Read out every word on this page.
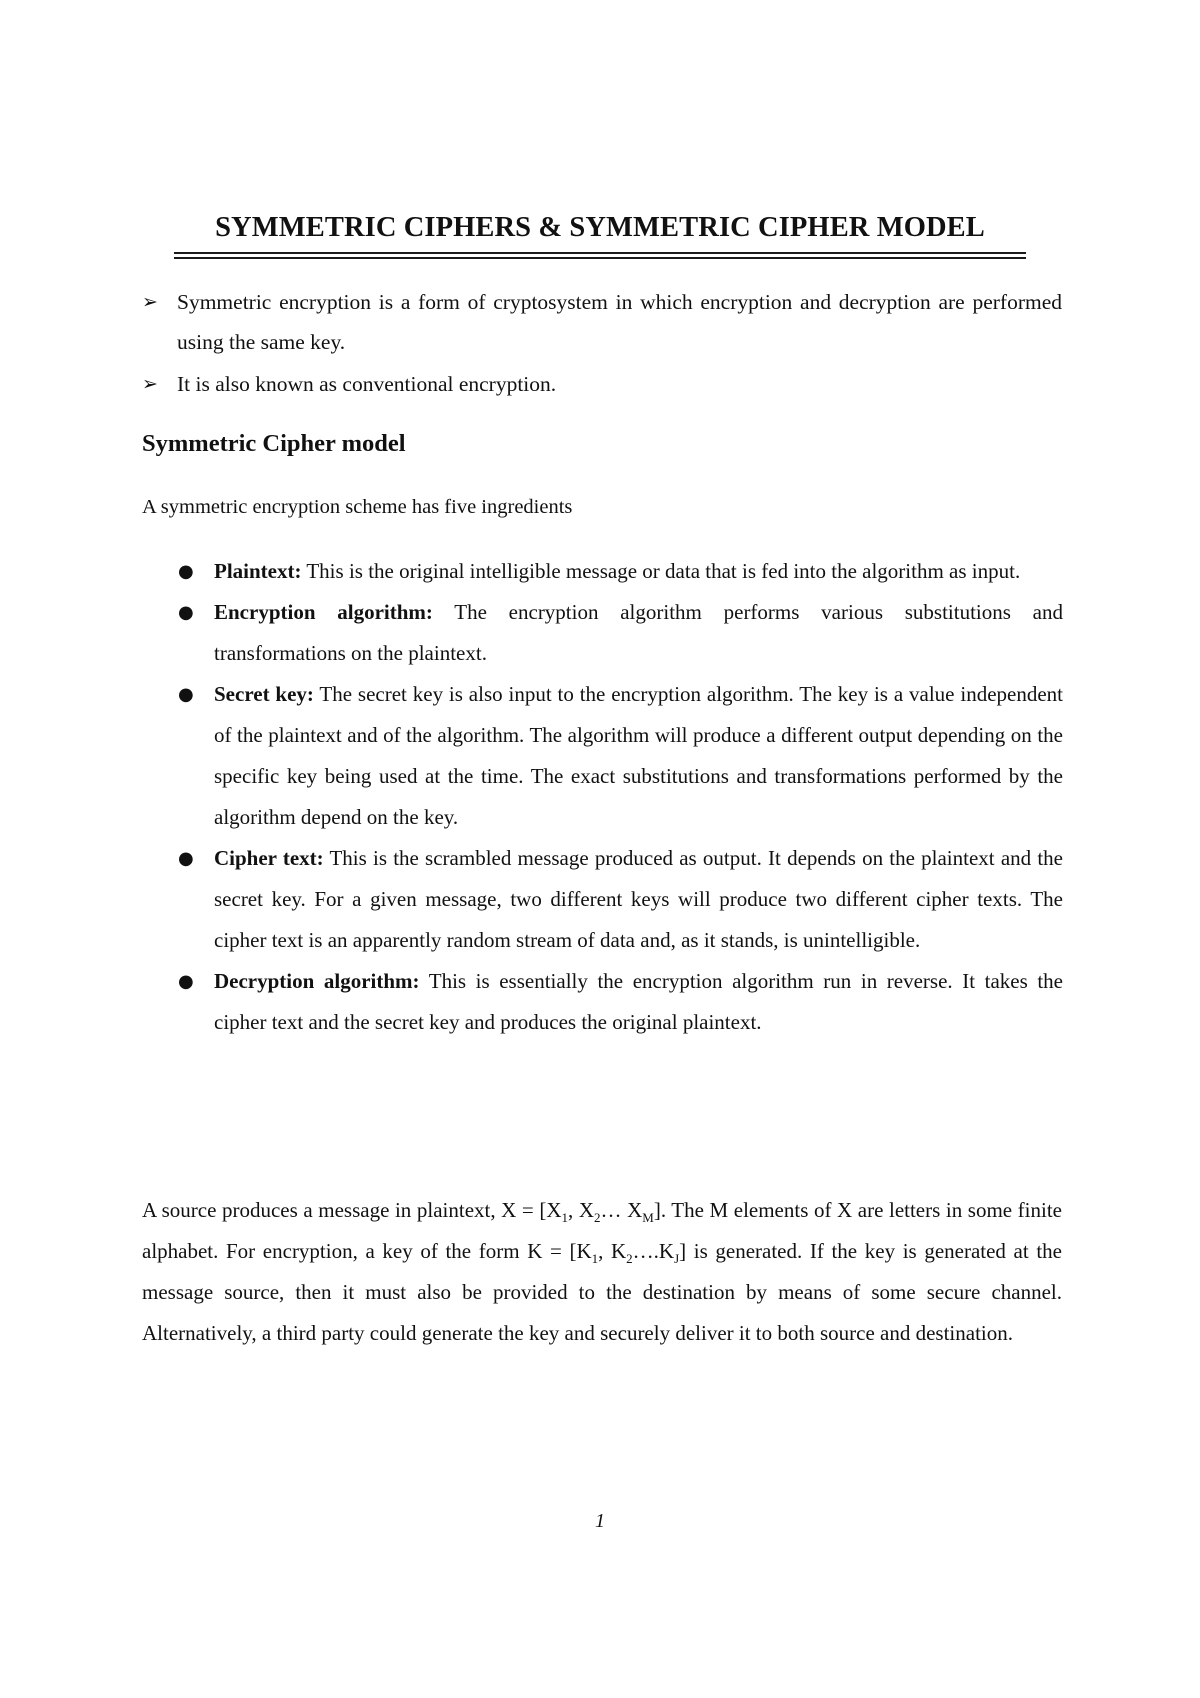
SYMMETRIC CIPHERS & SYMMETRIC CIPHER MODEL
➢ Symmetric encryption is a form of cryptosystem in which encryption and decryption are performed using the same key.
➢ It is also known as conventional encryption.
Symmetric Cipher model
A symmetric encryption scheme has five ingredients
● Plaintext: This is the original intelligible message or data that is fed into the algorithm as input.
● Encryption algorithm: The encryption algorithm performs various substitutions and transformations on the plaintext.
● Secret key: The secret key is also input to the encryption algorithm. The key is a value independent of the plaintext and of the algorithm. The algorithm will produce a different output depending on the specific key being used at the time. The exact substitutions and transformations performed by the algorithm depend on the key.
● Cipher text: This is the scrambled message produced as output. It depends on the plaintext and the secret key. For a given message, two different keys will produce two different cipher texts. The cipher text is an apparently random stream of data and, as it stands, is unintelligible.
● Decryption algorithm: This is essentially the encryption algorithm run in reverse. It takes the cipher text and the secret key and produces the original plaintext.

A source produces a message in plaintext, $X = [X_1$, $X_2\dots$ $X_M$]. The M elements of X are letters in some finite alphabet. For encryption, a key of the form $K = [K_1$, $K_2\dots.K_J$] is generated. If the key is generated at the message source, then it must also be provided to the destination by means of some secure channel. Alternatively, a third party could generate the key and securely deliver it to both source and destination.

1
